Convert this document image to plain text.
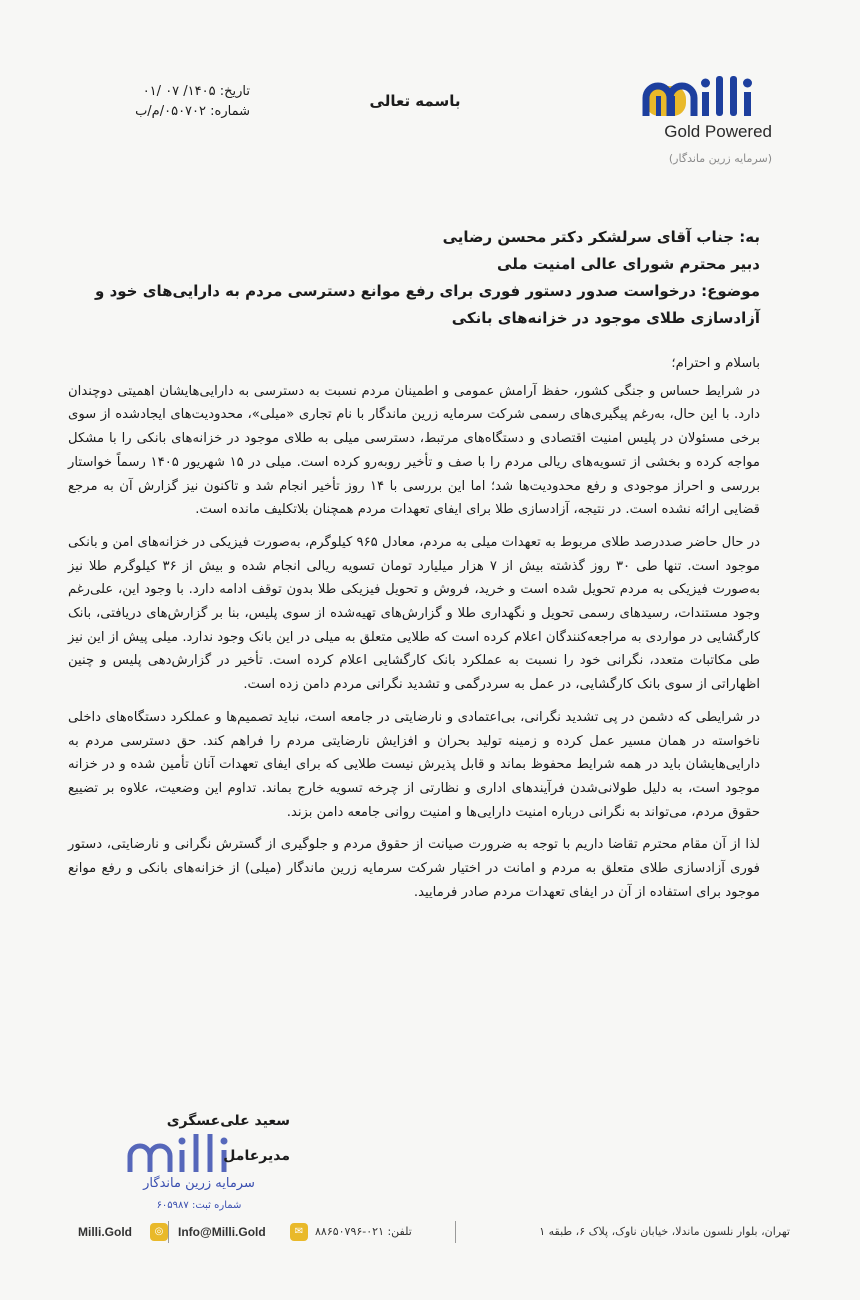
Gold Powered
(سرمایه زرین ماندگار)
باسمه تعالی
تاریخ: ۱۴۰۵/ ۰۷ /۰۱
شماره: ۰۵۰۷۰۲/م/ب

به: جناب آقای سرلشکر دکتر محسن رضایی

دبیر محترم شورای عالی امنیت ملی

موضوع: درخواست صدور دستور فوری برای رفع موانع دسترسی مردم به دارایی‌های خود و آزادسازی طلای موجود در خزانه‌های بانکی

باسلام و احترام؛

در شرایط حساس و جنگی کشور، حفظ آرامش عمومی و اطمینان مردم نسبت به دسترسی به دارایی‌هایشان اهمیتی دوچندان دارد. با این حال، به‌رغم پیگیری‌های رسمی شرکت سرمایه زرین ماندگار با نام تجاری «میلی»، محدودیت‌های ایجادشده از سوی برخی مسئولان در پلیس امنیت اقتصادی و دستگاه‌های مرتبط، دسترسی میلی به طلای موجود در خزانه‌های بانکی را با مشکل مواجه کرده و بخشی از تسویه‌های ریالی مردم را با صف و تأخیر روبه‌رو کرده است. میلی در ۱۵ شهریور ۱۴۰۵ رسماً خواستار بررسی و احراز موجودی و رفع محدودیت‌ها شد؛ اما این بررسی با ۱۴ روز تأخیر انجام شد و تاکنون نیز گزارش آن به مرجع قضایی ارائه نشده است. در نتیجه، آزادسازی طلا برای ایفای تعهدات مردم همچنان بلاتکلیف مانده است.

در حال حاضر صددرصد طلای مربوط به تعهدات میلی به مردم، معادل ۹۶۵ کیلوگرم، به‌صورت فیزیکی در خزانه‌های امن و بانکی موجود است. تنها طی ۳۰ روز گذشته بیش از ۷ هزار میلیارد تومان تسویه ریالی انجام شده و بیش از ۳۶ کیلوگرم طلا نیز به‌صورت فیزیکی به مردم تحویل شده است و خرید، فروش و تحویل فیزیکی طلا بدون توقف ادامه دارد. با وجود این، علی‌رغم وجود مستندات، رسیدهای رسمی تحویل و نگهداری طلا و گزارش‌های تهیه‌شده از سوی پلیس، بنا بر گزارش‌های دریافتی، بانک کارگشایی در مواردی به مراجعه‌کنندگان اعلام کرده است که طلایی متعلق به میلی در این بانک وجود ندارد. میلی پیش از این نیز طی مکاتبات متعدد، نگرانی خود را نسبت به عملکرد بانک کارگشایی اعلام کرده است. تأخیر در گزارش‌دهی پلیس و چنین اظهاراتی از سوی بانک کارگشایی، در عمل به سردرگمی و تشدید نگرانی مردم دامن زده است.

در شرایطی که دشمن در پی تشدید نگرانی، بی‌اعتمادی و نارضایتی در جامعه است، نباید تصمیم‌ها و عملکرد دستگاه‌های داخلی ناخواسته در همان مسیر عمل کرده و زمینه تولید بحران و افزایش نارضایتی مردم را فراهم کند. حق دسترسی مردم به دارایی‌هایشان باید در همه شرایط محفوظ بماند و قابل پذیرش نیست طلایی که برای ایفای تعهدات آنان تأمین شده و در خزانه موجود است، به دلیل طولانی‌شدن فرآیندهای اداری و نظارتی از چرخه تسویه خارج بماند. تداوم این وضعیت، علاوه بر تضییع حقوق مردم، می‌تواند به نگرانی درباره امنیت دارایی‌ها و امنیت روانی جامعه دامن بزند.

لذا از آن مقام محترم تقاضا داریم با توجه به ضرورت صیانت از حقوق مردم و جلوگیری از گسترش نگرانی و نارضایتی، دستور فوری آزادسازی طلای متعلق به مردم و امانت در اختیار شرکت سرمایه زرین ماندگار (میلی) از خزانه‌های بانکی و رفع موانع موجود برای استفاده از آن در ایفای تعهدات مردم صادر فرمایید.

سرمایه زرین ماندگار
شماره ثبت: ۶۰۵۹۸۷
سعید علی‌عسگری
مدیرعامل
◎
Milli.Gold	✉
Info@Milli.Gold	تلفن: ۰۲۱-۸۸۶۵۰۷۹۶	تهران، بلوار نلسون ماندلا، خیابان ناوک، پلاک ۶، طبقه ۱
